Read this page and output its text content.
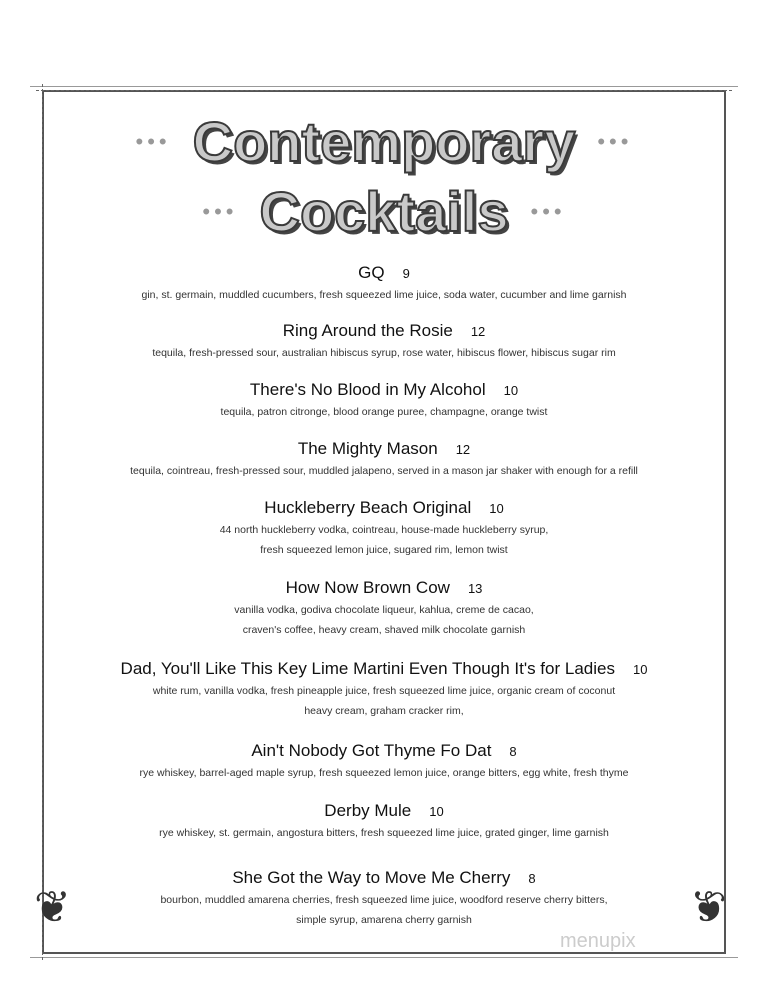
••• Contemporary •••
••• Cocktails •••
GQ 9
gin, st. germain, muddled cucumbers, fresh squeezed lime juice, soda water, cucumber and lime garnish
Ring Around the Rosie 12
tequila, fresh-pressed sour, australian hibiscus syrup, rose water, hibiscus flower, hibiscus sugar rim
There's No Blood in My Alcohol 10
tequila, patron citronge, blood orange puree, champagne, orange twist
The Mighty Mason 12
tequila, cointreau, fresh-pressed sour, muddled jalapeno, served in a mason jar shaker with enough for a refill
Huckleberry Beach Original 10
44 north huckleberry vodka, cointreau, house-made huckleberry syrup,
fresh squeezed lemon juice, sugared rim, lemon twist
How Now Brown Cow 13
vanilla vodka, godiva chocolate liqueur, kahlua, creme de cacao,
craven's coffee, heavy cream, shaved milk chocolate garnish
Dad, You'll Like This Key Lime Martini Even Though It's for Ladies 10
white rum, vanilla vodka, fresh pineapple juice, fresh squeezed lime juice, organic cream of coconut
heavy cream, graham cracker rim,
Ain't Nobody Got Thyme Fo Dat 8
rye whiskey, barrel-aged maple syrup, fresh squeezed lemon juice, orange bitters, egg white, fresh thyme
Derby Mule 10
rye whiskey, st. germain, angostura bitters, fresh squeezed lime juice, grated ginger, lime garnish
She Got the Way to Move Me Cherry 8
bourbon, muddled amarena cherries, fresh squeezed lime juice, woodford reserve cherry bitters,
simple syrup, amarena cherry garnish
❦	❦
menupix
